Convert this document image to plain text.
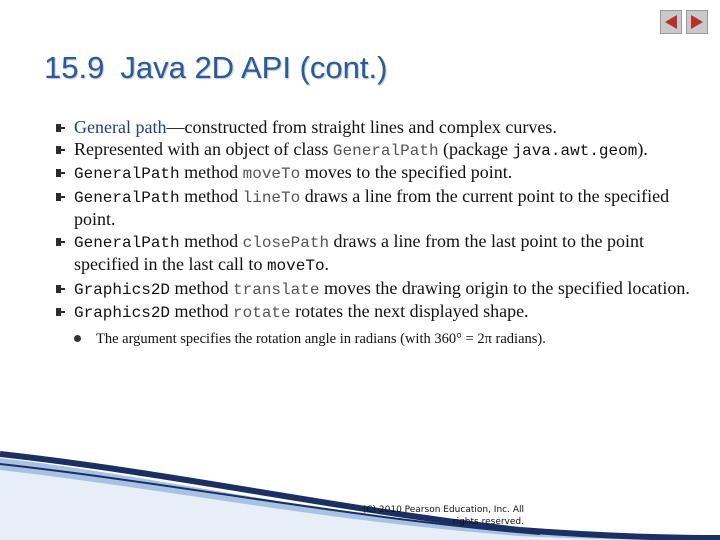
15.9 Java 2D API (cont.)
General path—constructed from straight lines and complex curves.
Represented with an object of class GeneralPath (package java.awt.geom).
GeneralPath method moveTo moves to the specified point.
GeneralPath method lineTo draws a line from the current point to the specified point.
GeneralPath method closePath draws a line from the last point to the point specified in the last call to moveTo.
Graphics2D method translate moves the drawing origin to the specified location.
Graphics2D method rotate rotates the next displayed shape.
The argument specifies the rotation angle in radians (with 360° = 2π radians).
(C) 2010 Pearson Education, Inc. All
rights reserved.
